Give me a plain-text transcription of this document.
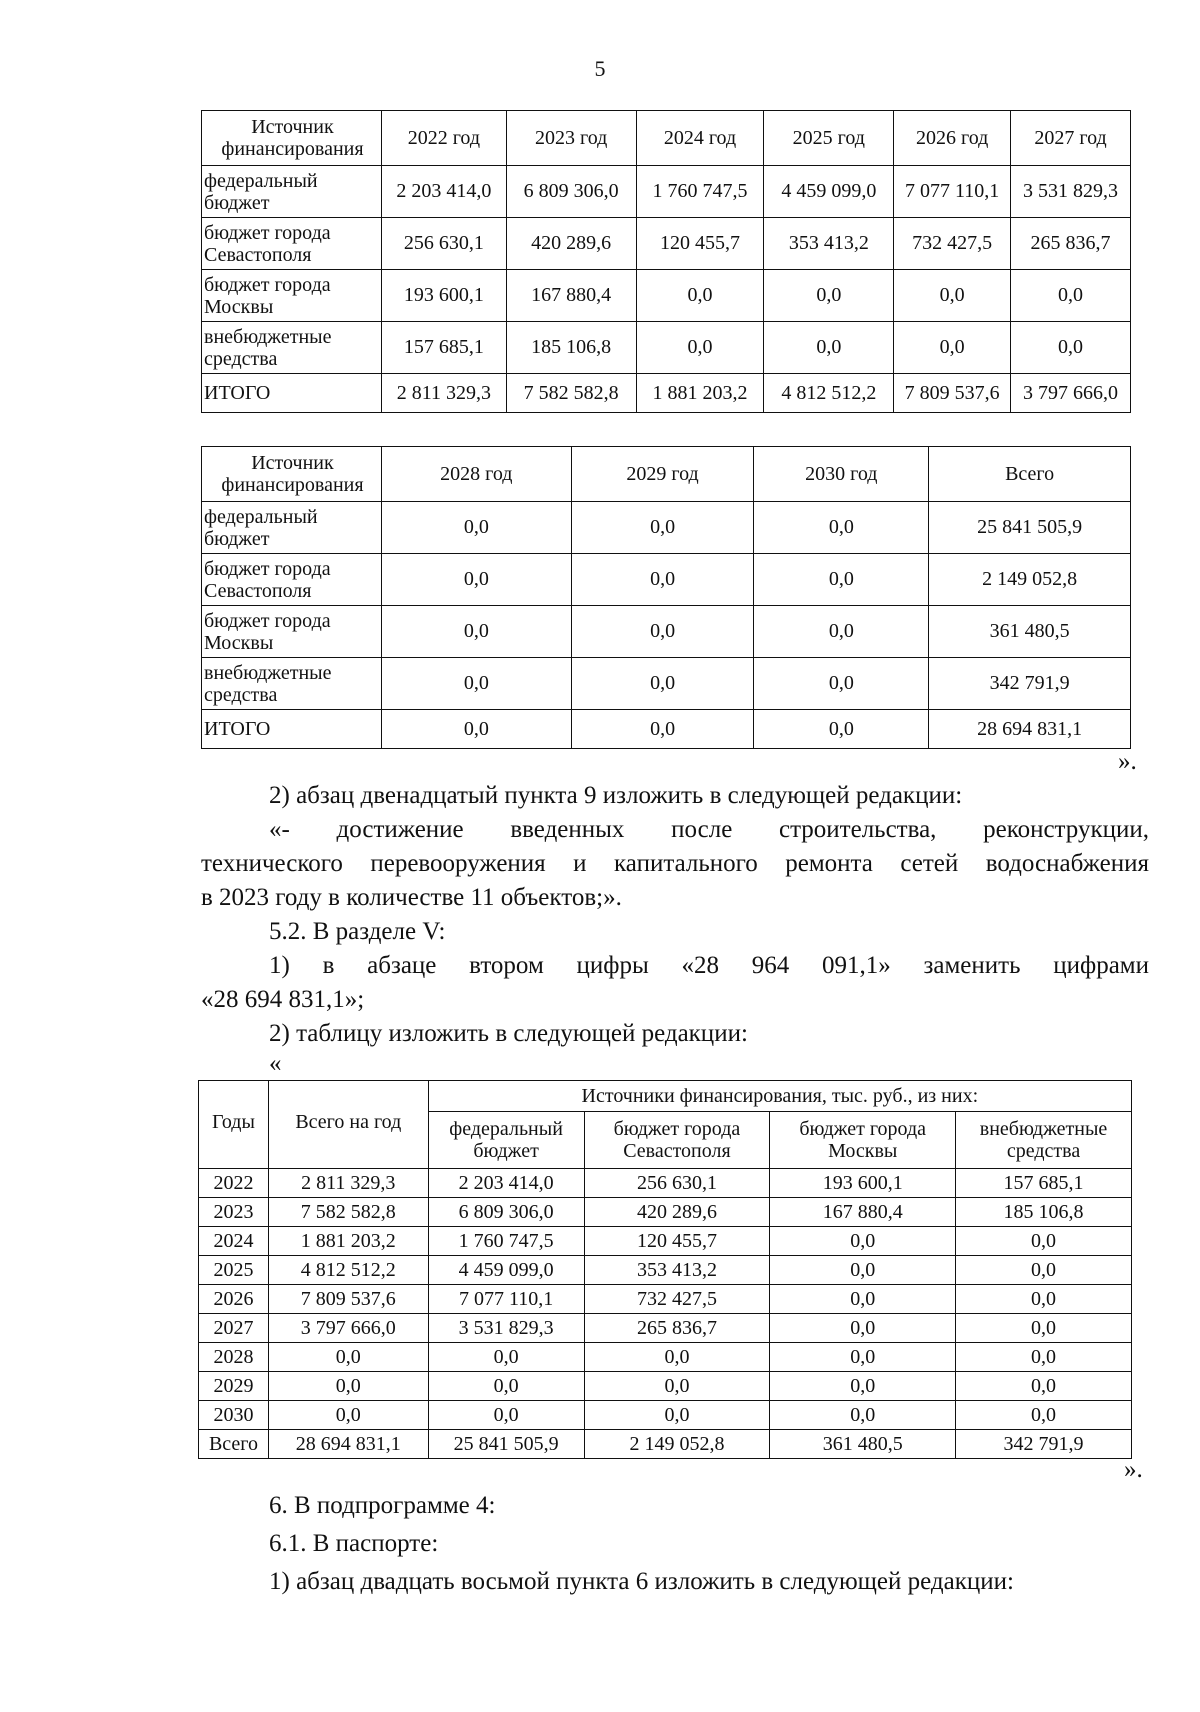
5
Источник финансирования	2022 год	2023 год	2024 год	2025 год	2026 год	2027 год
федеральный бюджет	2 203 414,0	6 809 306,0	1 760 747,5	4 459 099,0	7 077 110,1	3 531 829,3
бюджет города Севастополя	256 630,1	420 289,6	120 455,7	353 413,2	732 427,5	265 836,7
бюджет города Москвы	193 600,1	167 880,4	0,0	0,0	0,0	0,0
внебюджетные средства	157 685,1	185 106,8	0,0	0,0	0,0	0,0
ИТОГО	2 811 329,3	7 582 582,8	1 881 203,2	4 812 512,2	7 809 537,6	3 797 666,0
Источник финансирования	2028 год	2029 год	2030 год	Всего
федеральный бюджет	0,0	0,0	0,0	25 841 505,9
бюджет города Севастополя	0,0	0,0	0,0	2 149 052,8
бюджет города Москвы	0,0	0,0	0,0	361 480,5
внебюджетные средства	0,0	0,0	0,0	342 791,9
ИТОГО	0,0	0,0	0,0	28 694 831,1
».
2) абзац двенадцатый пункта 9 изложить в следующей редакции:
«- достижение введенных после строительства, реконструкции,
технического перевооружения и капитального ремонта сетей водоснабжения
в 2023 году в количестве 11 объектов;».
5.2. В разделе V:
1) в абзаце втором цифры «28 964 091,1» заменить цифрами
«28 694 831,1»;
2) таблицу изложить в следующей редакции:
«
Годы	Всего на год	Источники финансирования, тыс. руб., из них:			
		федеральный бюджет	бюджет города Севастополя	бюджет города Москвы	внебюджетные средства
2022	2 811 329,3	2 203 414,0	256 630,1	193 600,1	157 685,1
2023	7 582 582,8	6 809 306,0	420 289,6	167 880,4	185 106,8
2024	1 881 203,2	1 760 747,5	120 455,7	0,0	0,0
2025	4 812 512,2	4 459 099,0	353 413,2	0,0	0,0
2026	7 809 537,6	7 077 110,1	732 427,5	0,0	0,0
2027	3 797 666,0	3 531 829,3	265 836,7	0,0	0,0
2028	0,0	0,0	0,0	0,0	0,0
2029	0,0	0,0	0,0	0,0	0,0
2030	0,0	0,0	0,0	0,0	0,0
Всего	28 694 831,1	25 841 505,9	2 149 052,8	361 480,5	342 791,9
».
6. В подпрограмме 4:
6.1. В паспорте:
1) абзац двадцать восьмой пункта 6 изложить в следующей редакции:
